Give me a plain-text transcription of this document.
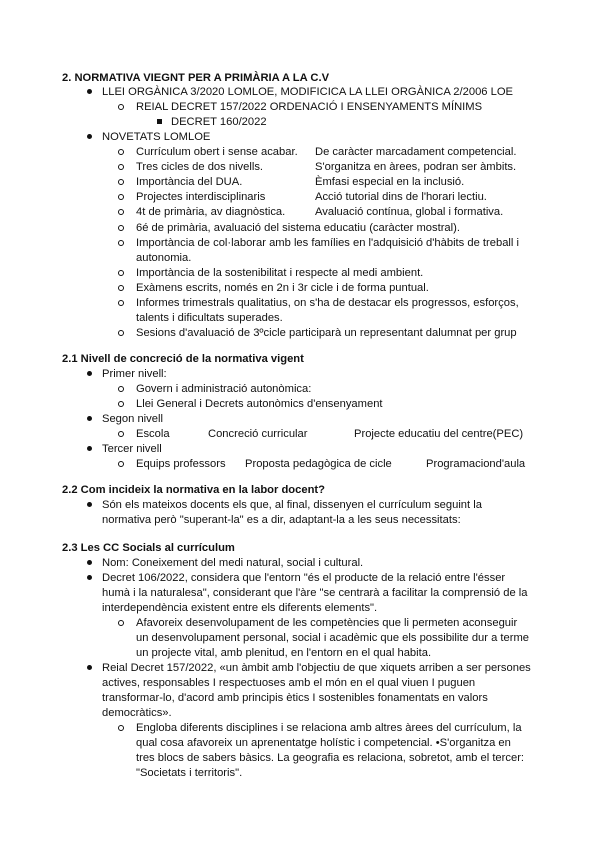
2. NORMATIVA VIEGNT PER A PRIMÀRIA A LA C.V
LLEI ORGÀNICA 3/2020 LOMLOE, MODIFICICA LA LLEI ORGÀNICA 2/2006 LOE
REIAL DECRET 157/2022 ORDENACIÓ I ENSENYAMENTS MÍNIMS
DECRET 160/2022
NOVETATS LOMLOE
Currículum obert i sense acabar. De caràcter marcadament competencial.
Tres cicles de dos nivells.	S'organitza en àrees, podran ser àmbits.
Importància del DUA.	Èmfasi especial en la inclusió.
Projectes interdisciplinaris	Acció tutorial dins de l'horari lectiu.
4t de primària, av diagnòstica.	Avaluació contínua, global i formativa.
6é de primària, avaluació del sistema educatiu (caràcter mostral).
Importància de col·laborar amb les famílies en l'adquisició d'hàbits de treball i
autonomia.
Importància de la sostenibilitat i respecte al medi ambient.
Exàmens escrits, només en 2n i 3r cicle i de forma puntual.
Informes trimestrals qualitatius, on s'ha de destacar els progressos, esforços,
talents i dificultats superades.
Sesions d'avaluació de 3ºcicle participarà un representant dalumnat per grup
2.1 Nivell de concreció de la normativa vigent
Primer nivell:
Govern i administració autonòmica:
Llei General i Decrets autonòmics d'ensenyament
Segon nivell
Escola	Concreció curricular	Projecte educatiu del centre(PEC)
Tercer nivell
Equips professors Proposta pedagògica de cicle	Programaciond'aula
2.2 Com incideix la normativa en la labor docent?
Són els mateixos docents els que, al final, dissenyen el currículum seguint la
normativa però "superant-la" es a dir, adaptant-la a les seus necessitats:
2.3 Les CC Socials al currículum
Nom: Coneixement del medi natural, social i cultural.
Decret 106/2022, considera que l'entorn "és el producte de la relació entre l'ésser
humà i la naturalesa", considerant que l'àre "se centrarà a facilitar la comprensió de la
interdependència existent entre els diferents elements".
Afavoreix desenvolupament de les competències que li permeten aconseguir
un desenvolupament personal, social i acadèmic que els possibilite dur a terme
un projecte vital, amb plenitud, en l'entorn en el qual habita.
Reial Decret 157/2022, «un àmbit amb l'objectiu de que xiquets arriben a ser persones
actives, responsables I respectuoses amb el món en el qual viuen I puguen
transformar-lo, d'acord amb principis ètics I sostenibles fonamentats en valors
democràtics».
Engloba diferents disciplines i se relaciona amb altres àrees del currículum, la
qual cosa afavoreix un aprenentatge holístic i competencial. •S'organitza en
tres blocs de sabers bàsics. La geografia es relaciona, sobretot, amb el tercer:
"Societats i territoris".
